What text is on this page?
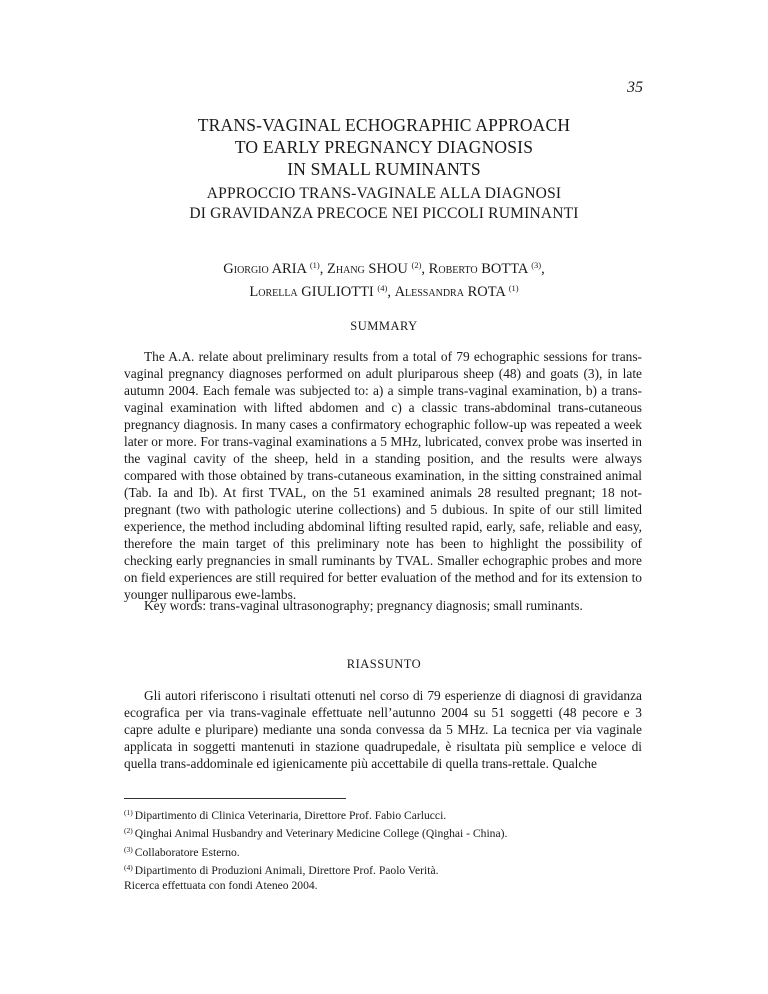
35
TRANS-VAGINAL ECHOGRAPHIC APPROACH
TO EARLY PREGNANCY DIAGNOSIS
IN SMALL RUMINANTS
APPROCCIO TRANS-VAGINALE ALLA DIAGNOSI
DI GRAVIDANZA PRECOCE NEI PICCOLI RUMINANTI
Giorgio ARIA $^{(1)}$, Zhang SHOU $^{(2)}$, Roberto BOTTA $^{(3)}$,
Lorella GIULIOTTI $^{(4)}$, Alessandra ROTA $^{(1)}$
SUMMARY

The A.A. relate about preliminary results from a total of 79 echographic sessions for trans-vaginal pregnancy diagnoses performed on adult pluriparous sheep (48) and goats (3), in late autumn 2004. Each female was subjected to: a) a simple trans-vaginal examination, b) a trans-vaginal examination with lifted abdomen and c) a classic trans-abdominal trans-cutaneous pregnancy diagnosis. In many cases a confirmatory echographic follow-up was repeated a week later or more. For trans-vaginal examinations a 5 MHz, lubricated, convex probe was inserted in the vaginal cavity of the sheep, held in a standing position, and the results were always compared with those obtained by trans-cutaneous examination, in the sitting constrained animal (Tab. Ia and Ib). At first TVAL, on the 51 examined animals 28 resulted pregnant; 18 not-pregnant (two with pathologic uterine collections) and 5 dubious. In spite of our still limited experience, the method including abdominal lifting resulted rapid, early, safe, reliable and easy, therefore the main target of this preliminary note has been to highlight the possibility of checking early pregnancies in small ruminants by TVAL. Smaller echographic probes and more on field experiences are still required for better evaluation of the method and for its extension to younger nulliparous ewe-lambs.

Key words: trans-vaginal ultrasonography; pregnancy diagnosis; small ruminants.

RIASSUNTO

Gli autori riferiscono i risultati ottenuti nel corso di 79 esperienze di diagnosi di gravidanza ecografica per via trans-vaginale effettuate nell’autunno 2004 su 51 soggetti (48 pecore e 3 capre adulte e pluripare) mediante una sonda convessa da 5 MHz. La tecnica per via vaginale applicata in soggetti mantenuti in stazione quadrupedale, è risultata più semplice e veloce di quella trans-addominale ed igienicamente più accettabile di quella trans-rettale. Qualche

$^{(1)}$ Dipartimento di Clinica Veterinaria, Direttore Prof. Fabio Carlucci.
$^{(2)}$ Qinghai Animal Husbandry and Veterinary Medicine College (Qinghai - China).
$^{(3)}$ Collaboratore Esterno.
$^{(4)}$ Dipartimento di Produzioni Animali, Direttore Prof. Paolo Verità.
Ricerca effettuata con fondi Ateneo 2004.
